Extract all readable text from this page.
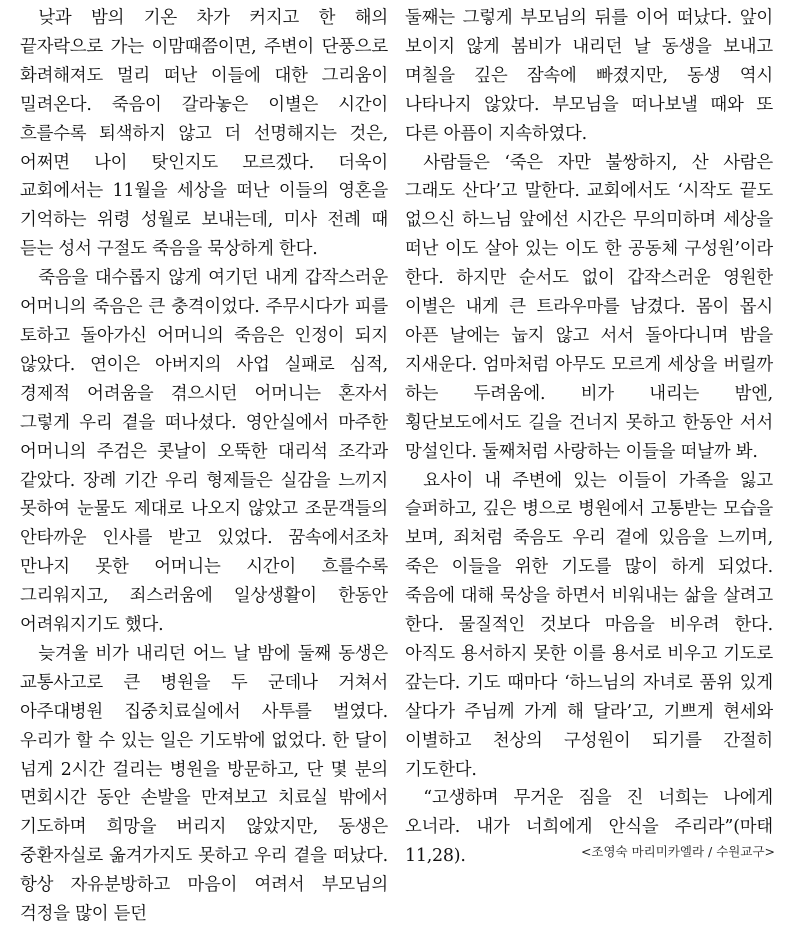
낮과 밤의 기온 차가 커지고 한 해의 끝자락으로 가는 이맘때쯤이면, 주변이 단풍으로 화려해져도 멀리 떠난 이들에 대한 그리움이 밀려온다. 죽음이 갈라놓은 이별은 시간이 흐를수록 퇴색하지 않고 더 선명해지는 것은, 어쩌면 나이 탓인지도 모르겠다. 더욱이 교회에서는 11월을 세상을 떠난 이들의 영혼을 기억하는 위령 성월로 보내는데, 미사 전례 때 듣는 성서 구절도 죽음을 묵상하게 한다.

죽음을 대수롭지 않게 여기던 내게 갑작스러운 어머니의 죽음은 큰 충격이었다. 주무시다가 피를 토하고 돌아가신 어머니의 죽음은 인정이 되지 않았다. 연이은 아버지의 사업 실패로 심적, 경제적 어려움을 겪으시던 어머니는 혼자서 그렇게 우리 곁을 떠나셨다. 영안실에서 마주한 어머니의 주검은 콧날이 오뚝한 대리석 조각과 같았다. 장례 기간 우리 형제들은 실감을 느끼지 못하여 눈물도 제대로 나오지 않았고 조문객들의 안타까운 인사를 받고 있었다. 꿈속에서조차 만나지 못한 어머니는 시간이 흐를수록 그리워지고, 죄스러움에 일상생활이 한동안 어려워지기도 했다.

늦겨울 비가 내리던 어느 날 밤에 둘째 동생은 교통사고로 큰 병원을 두 군데나 거쳐서 아주대병원 집중치료실에서 사투를 벌였다. 우리가 할 수 있는 일은 기도밖에 없었다. 한 달이 넘게 2시간 걸리는 병원을 방문하고, 단 몇 분의 면회시간 동안 손발을 만져보고 치료실 밖에서 기도하며 희망을 버리지 않았지만, 동생은 중환자실로 옮겨가지도 못하고 우리 곁을 떠났다. 항상 자유분방하고 마음이 여려서 부모님의 걱정을 많이 듣던

둘째는 그렇게 부모님의 뒤를 이어 떠났다. 앞이 보이지 않게 봄비가 내리던 날 동생을 보내고 며칠을 깊은 잠속에 빠졌지만, 동생 역시 나타나지 않았다. 부모님을 떠나보낼 때와 또 다른 아픔이 지속하였다.

사람들은 ‘죽은 자만 불쌍하지, 산 사람은 그래도 산다’고 말한다. 교회에서도 ‘시작도 끝도 없으신 하느님 앞에선 시간은 무의미하며 세상을 떠난 이도 살아 있는 이도 한 공동체 구성원’이라 한다. 하지만 순서도 없이 갑작스러운 영원한 이별은 내게 큰 트라우마를 남겼다. 몸이 몹시 아픈 날에는 눕지 않고 서서 돌아다니며 밤을 지새운다. 엄마처럼 아무도 모르게 세상을 버릴까 하는 두려움에. 비가 내리는 밤엔, 횡단보도에서도 길을 건너지 못하고 한동안 서서 망설인다. 둘째처럼 사랑하는 이들을 떠날까 봐.

요사이 내 주변에 있는 이들이 가족을 잃고 슬퍼하고, 깊은 병으로 병원에서 고통받는 모습을 보며, 죄처럼 죽음도 우리 곁에 있음을 느끼며, 죽은 이들을 위한 기도를 많이 하게 되었다. 죽음에 대해 묵상을 하면서 비워내는 삶을 살려고 한다. 물질적인 것보다 마음을 비우려 한다. 아직도 용서하지 못한 이를 용서로 비우고 기도로 갚는다. 기도 때마다 ‘하느님의 자녀로 품위 있게 살다가 주님께 가게 해 달라’고, 기쁘게 현세와 이별하고 천상의 구성원이 되기를 간절히 기도한다.

“고생하며 무거운 짐을 진 너희는 나에게 오너라. 내가 너희에게 안식을 주리라”(마태 11,28).	<조영숙 마리미카엘라 / 수원교구>
